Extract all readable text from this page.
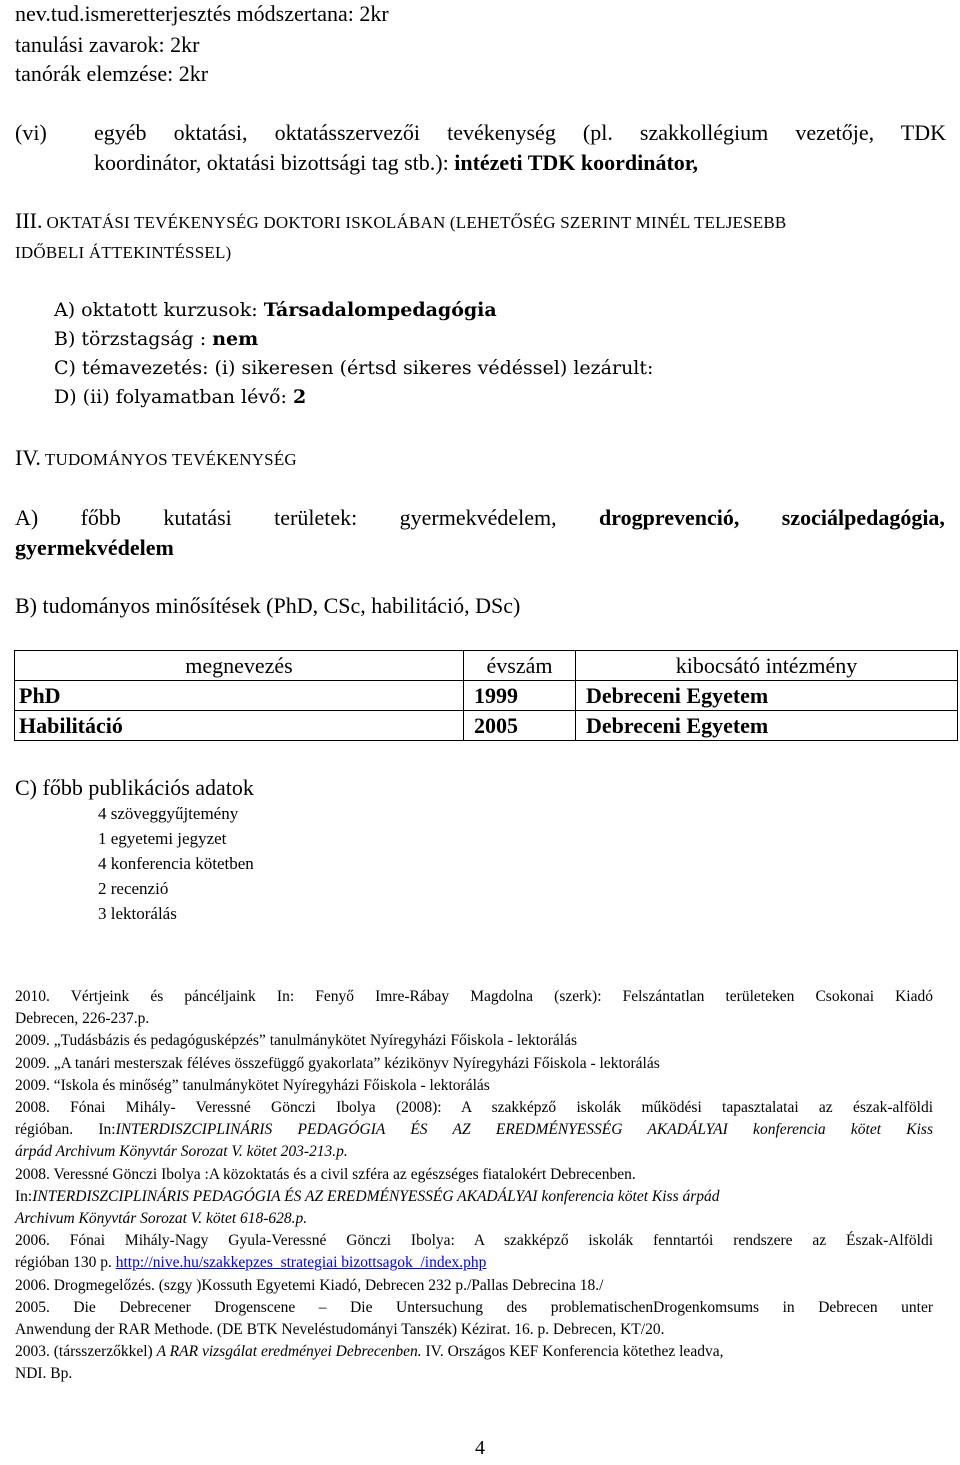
nev.tud.ismeretterjesztés módszertana: 2kr
tanulási zavarok: 2kr
tanórák elemzése: 2kr
(vi) egyéb oktatási, oktatásszervezői tevékenység (pl. szakkollégium vezetője, TDK
koordinátor, oktatási bizottsági tag stb.): intézeti TDK koordinátor,
III. OKTATÁSI TEVÉKENYSÉG DOKTORI ISKOLÁBAN (LEHETŐSÉG SZERINT MINÉL TELJESEBB
IDŐBELI ÁTTEKINTÉSSEL)
A) oktatott kurzusok: Társadalompedagógia
B) törzstagság : nem
C) témavezetés: (i) sikeresen (értsd sikeres védéssel) lezárult:
D) (ii) folyamatban lévő: 2
IV. TUDOMÁNYOS TEVÉKENYSÉG
A) főbb kutatási területek: gyermekvédelem, drogprevenció, szociálpedagógia,
gyermekvédelem
B) tudományos minősítések (PhD, CSc, habilitáció, DSc)
megnevezés	évszám	kibocsátó intézmény
PhD	1999	Debreceni Egyetem
Habilitáció	2005	Debreceni Egyetem
C) főbb publikációs adatok
4 szöveggyűjtemény
1 egyetemi jegyzet
4 konferencia kötetben
2 recenzió
3 lektorálás

2010. Vértjeink és páncéljaink In: Fenyő Imre-Rábay Magdolna (szerk): Felszántatlan területeken Csokonai Kiadó

Debrecen, 226-237.p.

2009. „Tudásbázis és pedagógusképzés” tanulmánykötet Nyíregyházi Főiskola - lektorálás

2009. „A tanári mesterszak féléves összefüggő gyakorlata” kézikönyv Nyíregyházi Főiskola - lektorálás

2009. “Iskola és minőség” tanulmánykötet Nyíregyházi Főiskola - lektorálás

2008. Fónai Mihály- Veressné Gönczi Ibolya (2008): A szakképző iskolák működési tapasztalatai az észak-alföldi

régióban. In:INTERDISZCIPLINÁRIS PEDAGÓGIA ÉS AZ EREDMÉNYESSÉG AKADÁLYAI konferencia kötet Kiss

árpád Archivum Könyvtár Sorozat V. kötet 203-213.p.

2008. Veressné Gönczi Ibolya :A közoktatás és a civil szféra az egészséges fiatalokért Debrecenben.

In:INTERDISZCIPLINÁRIS PEDAGÓGIA ÉS AZ EREDMÉNYESSÉG AKADÁLYAI konferencia kötet Kiss árpád

Archivum Könyvtár Sorozat V. kötet 618-628.p.

2006. Fónai Mihály-Nagy Gyula-Veressné Gönczi Ibolya: A szakképző iskolák fenntartói rendszere az Észak-Alföldi

régióban 130 p. http://nive.hu/szakkepzes_strategiai bizottsagok_/index.php

2006. Drogmegelőzés. (szgy )Kossuth Egyetemi Kiadó, Debrecen 232 p./Pallas Debrecina 18./

2005. Die Debrecener Drogenscene – Die Untersuchung des problematischenDrogenkomsums in Debrecen unter

Anwendung der RAR Methode. (DE BTK Neveléstudományi Tanszék) Kézirat. 16. p. Debrecen, KT/20.

2003. (társszerzőkkel) A RAR vizsgálat eredményei Debrecenben. IV. Országos KEF Konferencia kötethez leadva,

NDI. Bp.

4
